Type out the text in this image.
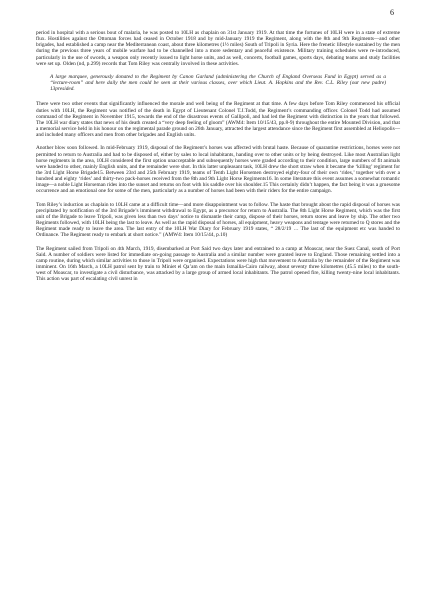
6

period in hospital with a serious bout of malaria, he was posted to 10LH as chaplain on 31st January 1919. At that time the fortunes of 10LH were in a state of extreme flux. Hostilities against the Ottoman forces had ceased in October 1918 and by mid-January 1919 the Regiment, along with the 8th and 9th Regiments—and other brigades, had established a camp near the Mediterranean coast, about three kilometres (1½ miles) South of Tripoli in Syria. Here the frenetic lifestyle sustained by the men during the previous three years of mobile warfare had to be channelled into a more sedentary and peaceful existence. Military training schedules were re-introduced, particularly in the use of swords, a weapon only recently issued to light horse units, and as well, concerts, football games, sports days, debating teams and study facilities were set up. Olden (nd, p.299) records that Tom Riley was centrally involved in these activities.

A large marquee, generously donated to the Regiment by Canon Garland (administering the Church of England Overseas Fund in Egypt) served as a “lecture-room” and here daily the men could be seen at their various classes, over which Lieut. A. Hopkins and the Rev. C.L. Riley (our new padre) 13presided.

There were two other events that significantly influenced the morale and well being of the Regiment at that time. A few days before Tom Riley commenced his official duties with 10LH, the Regiment was notified of the death in Egypt of Lieutenant Colonel T.J.Todd, the Regiment’s commanding officer. Colonel Todd had assumed command of the Regiment in November 1915, towards the end of the disastrous events of Gallipoli, and had led the Regiment with distinction in the years that followed. The 10LH war diary states that news of his death created a “very deep feeling of gloom” (AWM4: Item 10/15/43, pp.8-9) throughout the entire Mounted Division, and that a memorial service held in his honour on the regimental parade ground on 26th January, attracted the largest attendance since the Regiment first assembled at Heliopolis—and included many officers and men from other brigades and English units.

Another blow soon followed. In mid-February 1919, disposal of the Regiment’s horses was affected with brutal haste. Because of quarantine restrictions, horses were not permitted to return to Australia and had to be disposed of, either by sales to local inhabitants, handing over to other units or by being destroyed. Like most Australian light horse regiments in the area, 10LH considered the first option unacceptable and subsequently horses were graded according to their condition, large numbers of fit animals were handed to other, mainly English units, and the remainder were shot. In this latter unpleasant task, 10LH drew the short straw when it became the ‘killing’ regiment for the 3rd Light Horse Brigade15. Between 23rd and 25th February 1919, teams of Tenth Light Horsemen destroyed eighty-four of their own ‘rides,’ together with over a hundred and eighty ‘rides’ and thirty-two pack-horses received from the 8th and 9th Light Horse Regiments16. In some literature this event assumes a somewhat romantic image—a noble Light Horseman rides into the sunset and returns on foot with his saddle over his shoulder.15 This certainly didn’t happen, the fact being it was a gruesome occurrence and an emotional one for some of the men, particularly as a number of horses had been with their riders for the entire campaign.

Tom Riley’s induction as chaplain to 10LH came at a difficult time—and more disappointment was to follow. The haste that brought about the rapid disposal of horses was precipitated by notification of the 3rd Brigade’s imminent withdrawal to Egypt, as a precursor for return to Australia. The 8th Light Horse Regiment, which was the first unit of the Brigade to leave Tripoli, was given less than two days’ notice to dismantle their camp, dispose of their horses, return stores and leave by ship. The other two Regiments followed, with 10LH being the last to leave. As well as the rapid disposal of horses, all equipment, heavy weapons and tentage were returned to Q stores and the Regiment made ready to leave the area. The last entry of the 10LH War Diary for February 1919 states, “ 28/2/19 … The last of the equipment etc was handed to Ordinance. The Regiment ready to embark at short notice.” (AMW4: Item 10/15/44, p.10)

The Regiment sailed from Tripoli on 4th March, 1919, disembarked at Port Said two days later and entrained to a camp at Moascar, near the Suez Canal, south of Port Said. A number of soldiers were listed for immediate on-going passage to Australia and a similar number were granted leave to England. Those remaining settled into a camp routine, during which similar activities to those in Tripoli were organised. Expectations were high that movement to Australia by the remainder of the Regiment was imminent. On 16th March, a 10LH patrol sent by train to Miniet el Qa’am on the main Ismailia-Cairo railway, about seventy three kilometres (45.5 miles) to the south-west of Moascar, to investigate a civil disturbance, was attacked by a large group of armed local inhabitants. The patrol opened fire, killing twenty-nine local inhabitants. This action was part of escalating civil unrest in
